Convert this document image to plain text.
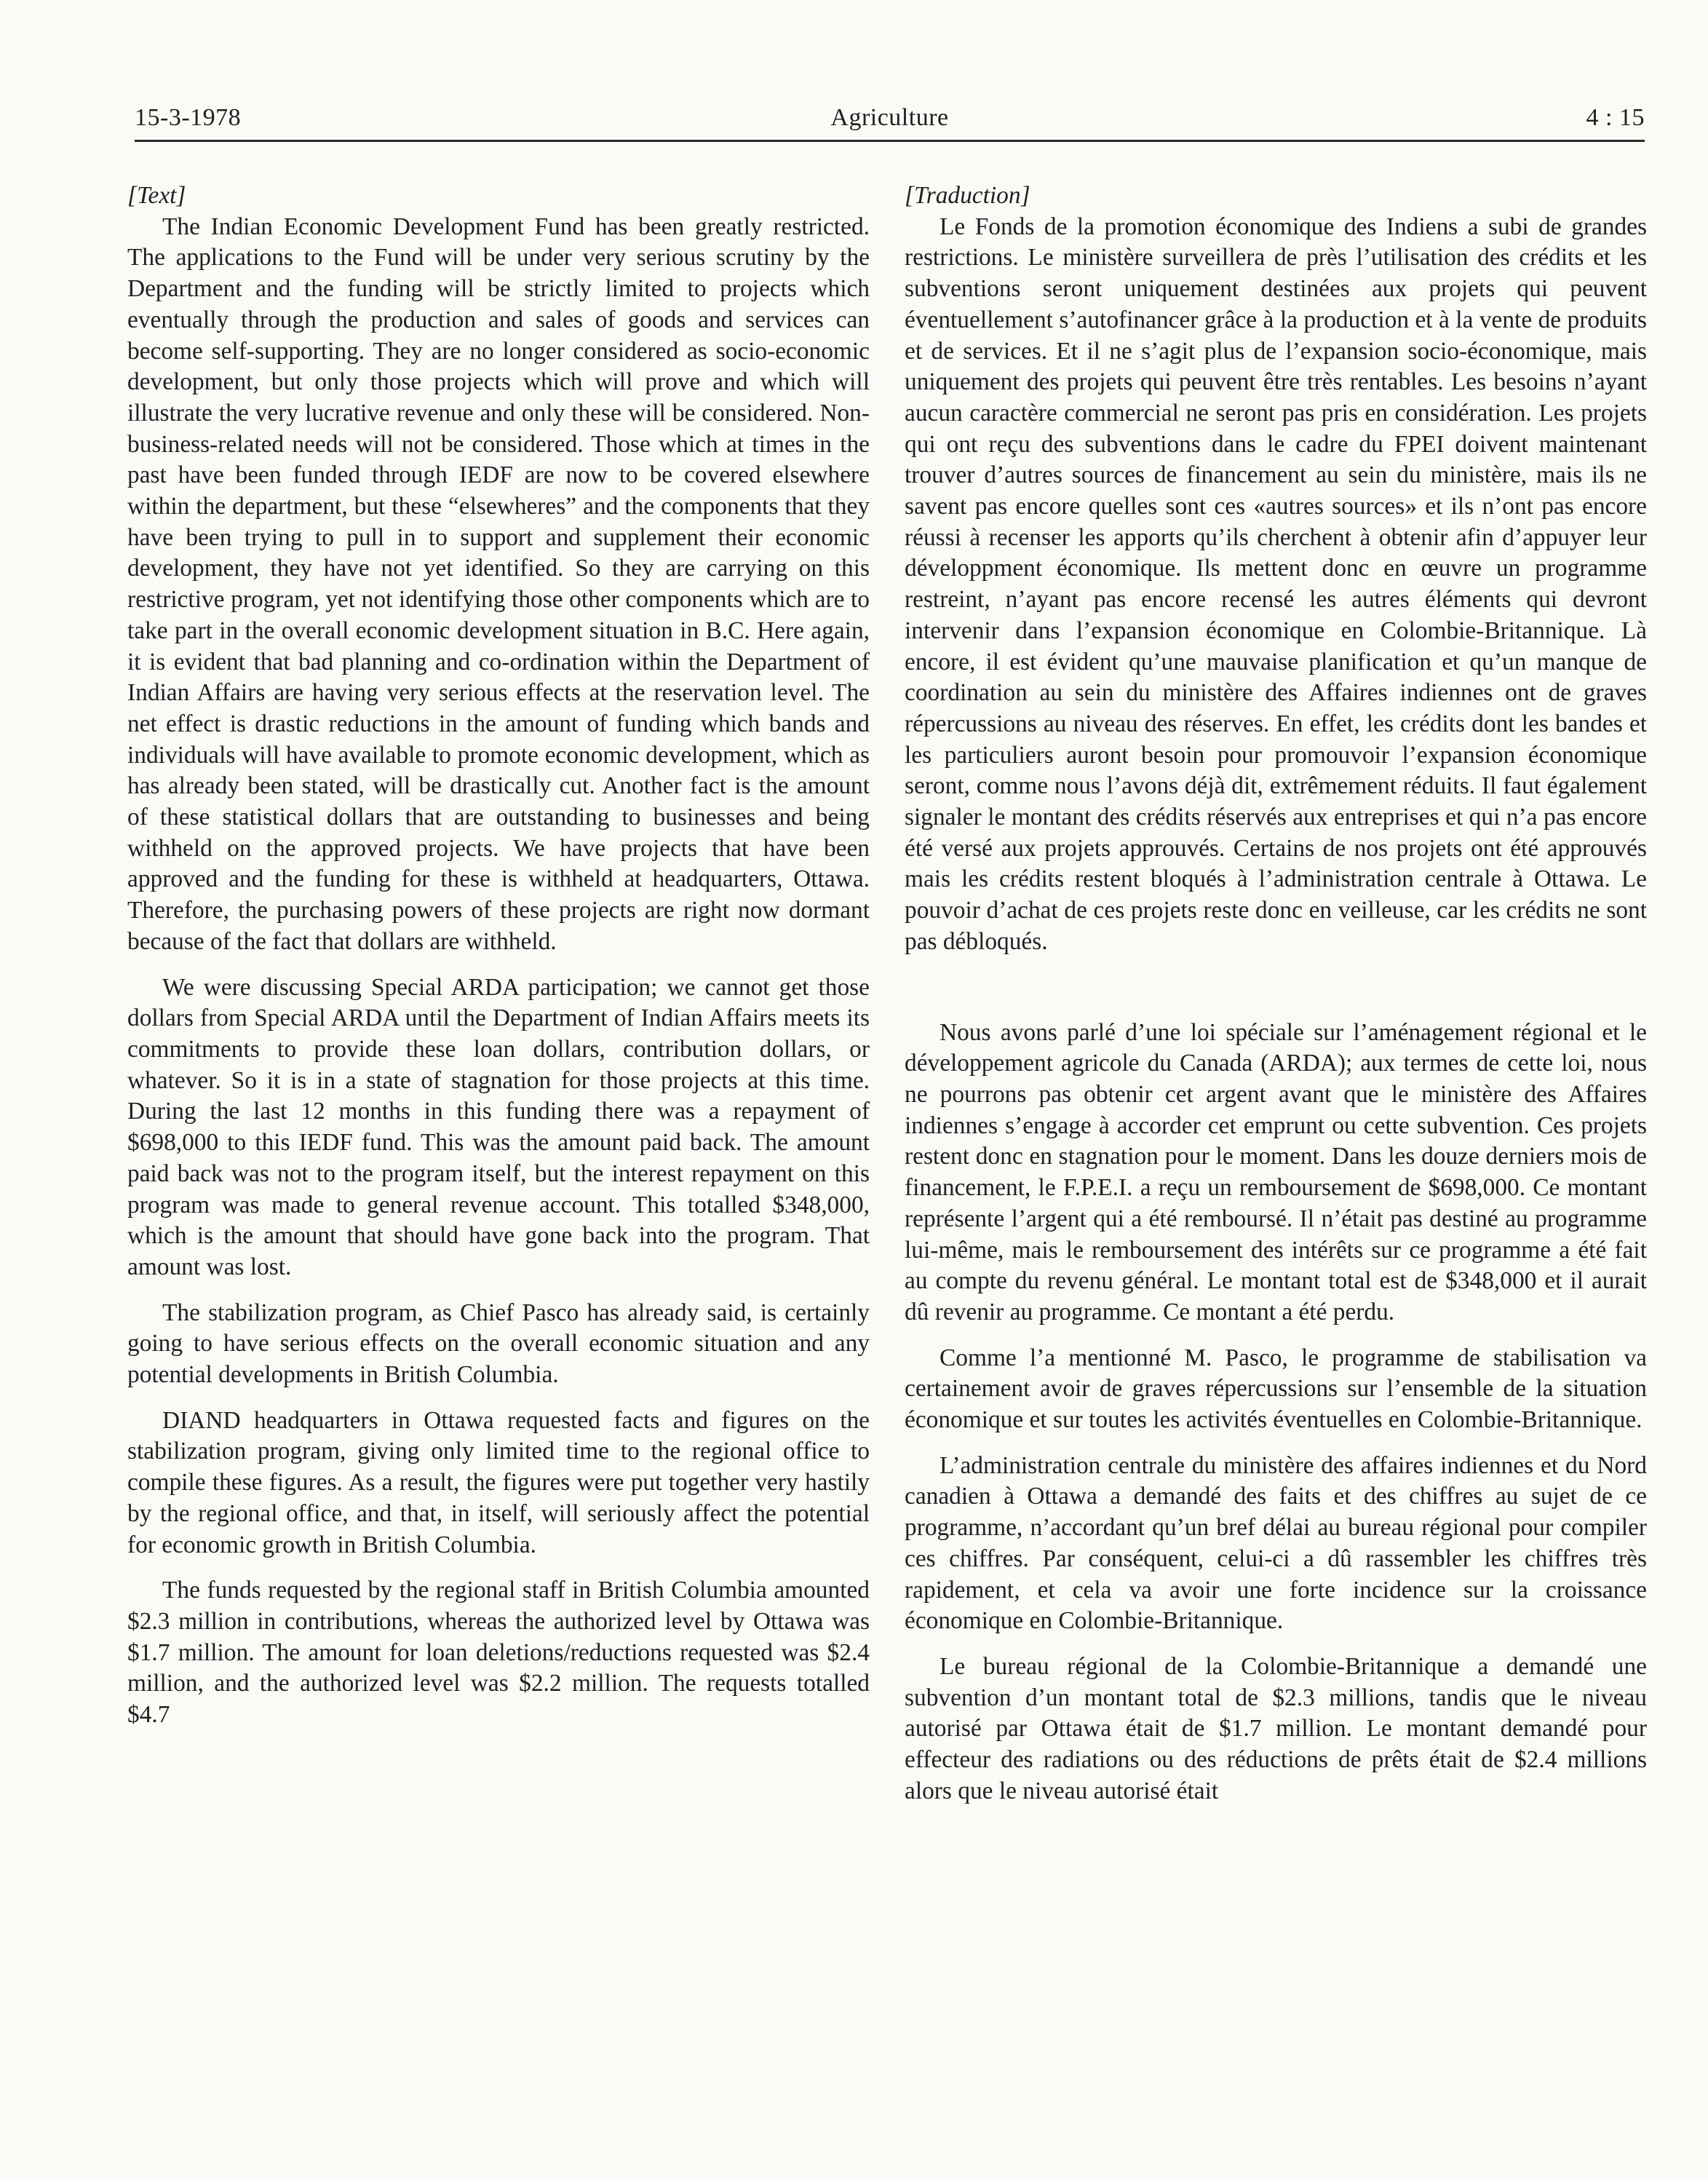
15-3-1978	Agriculture	4 : 15

[Text]

The Indian Economic Development Fund has been greatly restricted. The applications to the Fund will be under very serious scrutiny by the Department and the funding will be strictly limited to projects which eventually through the production and sales of goods and services can become self-supporting. They are no longer considered as socio-economic development, but only those projects which will prove and which will illustrate the very lucrative revenue and only these will be considered. Non-business-related needs will not be considered. Those which at times in the past have been funded through IEDF are now to be covered elsewhere within the department, but these “elsewheres” and the components that they have been trying to pull in to support and supplement their economic development, they have not yet identified. So they are carrying on this restrictive program, yet not identifying those other components which are to take part in the overall economic development situation in B.C. Here again, it is evident that bad planning and co-ordination within the Department of Indian Affairs are having very serious effects at the reservation level. The net effect is drastic reductions in the amount of funding which bands and individuals will have available to promote economic development, which as has already been stated, will be drastically cut. Another fact is the amount of these statistical dollars that are outstanding to businesses and being withheld on the approved projects. We have projects that have been approved and the funding for these is withheld at headquarters, Ottawa. Therefore, the purchasing powers of these projects are right now dormant because of the fact that dollars are withheld.

We were discussing Special ARDA participation; we cannot get those dollars from Special ARDA until the Department of Indian Affairs meets its commitments to provide these loan dollars, contribution dollars, or whatever. So it is in a state of stagnation for those projects at this time. During the last 12 months in this funding there was a repayment of $698,000 to this IEDF fund. This was the amount paid back. The amount paid back was not to the program itself, but the interest repayment on this program was made to general revenue account. This totalled $348,000, which is the amount that should have gone back into the program. That amount was lost.

The stabilization program, as Chief Pasco has already said, is certainly going to have serious effects on the overall economic situation and any potential developments in British Columbia.

DIAND headquarters in Ottawa requested facts and figures on the stabilization program, giving only limited time to the regional office to compile these figures. As a result, the figures were put together very hastily by the regional office, and that, in itself, will seriously affect the potential for economic growth in British Columbia.

The funds requested by the regional staff in British Columbia amounted $2.3 million in contributions, whereas the authorized level by Ottawa was $1.7 million. The amount for loan deletions/reductions requested was $2.4 million, and the authorized level was $2.2 million. The requests totalled $4.7

[Traduction]

Le Fonds de la promotion économique des Indiens a subi de grandes restrictions. Le ministère surveillera de près l’utilisation des crédits et les subventions seront uniquement destinées aux projets qui peuvent éventuellement s’autofinancer grâce à la production et à la vente de produits et de services. Et il ne s’agit plus de l’expansion socio-économique, mais uniquement des projets qui peuvent être très rentables. Les besoins n’ayant aucun caractère commercial ne seront pas pris en considération. Les projets qui ont reçu des subventions dans le cadre du FPEI doivent maintenant trouver d’autres sources de financement au sein du ministère, mais ils ne savent pas encore quelles sont ces «autres sources» et ils n’ont pas encore réussi à recenser les apports qu’ils cherchent à obtenir afin d’appuyer leur développment économique. Ils mettent donc en œuvre un programme restreint, n’ayant pas encore recensé les autres éléments qui devront intervenir dans l’expansion économique en Colombie-Britannique. Là encore, il est évident qu’une mauvaise planification et qu’un manque de coordination au sein du ministère des Affaires indiennes ont de graves répercussions au niveau des réserves. En effet, les crédits dont les bandes et les particuliers auront besoin pour promouvoir l’expansion économique seront, comme nous l’avons déjà dit, extrêmement réduits. Il faut également signaler le montant des crédits réservés aux entreprises et qui n’a pas encore été versé aux projets approuvés. Certains de nos projets ont été approuvés mais les crédits restent bloqués à l’administration centrale à Ottawa. Le pouvoir d’achat de ces projets reste donc en veilleuse, car les crédits ne sont pas débloqués.

Nous avons parlé d’une loi spéciale sur l’aménagement régional et le développement agricole du Canada (ARDA); aux termes de cette loi, nous ne pourrons pas obtenir cet argent avant que le ministère des Affaires indiennes s’engage à accorder cet emprunt ou cette subvention. Ces projets restent donc en stagnation pour le moment. Dans les douze derniers mois de financement, le F.P.E.I. a reçu un remboursement de $698,000. Ce montant représente l’argent qui a été remboursé. Il n’était pas destiné au programme lui-même, mais le remboursement des intérêts sur ce programme a été fait au compte du revenu général. Le montant total est de $348,000 et il aurait dû revenir au programme. Ce montant a été perdu.

Comme l’a mentionné M. Pasco, le programme de stabilisation va certainement avoir de graves répercussions sur l’ensemble de la situation économique et sur toutes les activités éventuelles en Colombie-Britannique.

L’administration centrale du ministère des affaires indiennes et du Nord canadien à Ottawa a demandé des faits et des chiffres au sujet de ce programme, n’accordant qu’un bref délai au bureau régional pour compiler ces chiffres. Par conséquent, celui-ci a dû rassembler les chiffres très rapidement, et cela va avoir une forte incidence sur la croissance économique en Colombie-Britannique.

Le bureau régional de la Colombie-Britannique a demandé une subvention d’un montant total de $2.3 millions, tandis que le niveau autorisé par Ottawa était de $1.7 million. Le montant demandé pour effecteur des radiations ou des réductions de prêts était de $2.4 millions alors que le niveau autorisé était
